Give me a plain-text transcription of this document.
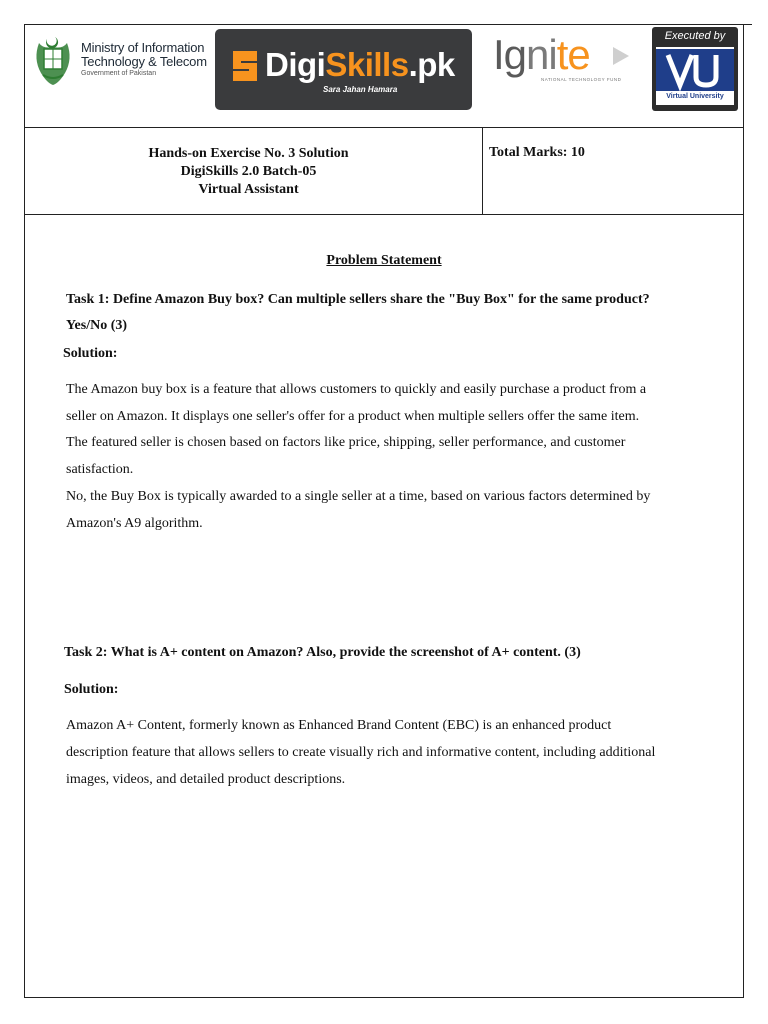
Ministry of Information
Technology & Telecom
Government of Pakistan	DigiSkills.pk
Sara Jahan Hamara
Ignite
NATIONAL TECHNOLOGY FUND
Executed by
Virtual University
Hands-on Exercise No. 3 Solution
DigiSkills 2.0 Batch-05
Virtual Assistant
Total Marks: 10
Problem Statement
Task 1: Define Amazon Buy box? Can multiple sellers share the "Buy Box" for the same product?
Yes/No (3)
Solution:
The Amazon buy box is a feature that allows customers to quickly and easily purchase a product from a
seller on Amazon. It displays one seller's offer for a product when multiple sellers offer the same item.
The featured seller is chosen based on factors like price, shipping, seller performance, and customer
satisfaction.
No, the Buy Box is typically awarded to a single seller at a time, based on various factors determined by
Amazon's A9 algorithm.
Task 2: What is A+ content on Amazon? Also, provide the screenshot of A+ content. (3)
Solution:
Amazon A+ Content, formerly known as Enhanced Brand Content (EBC) is an enhanced product
description feature that allows sellers to create visually rich and informative content, including additional
images, videos, and detailed product descriptions.
